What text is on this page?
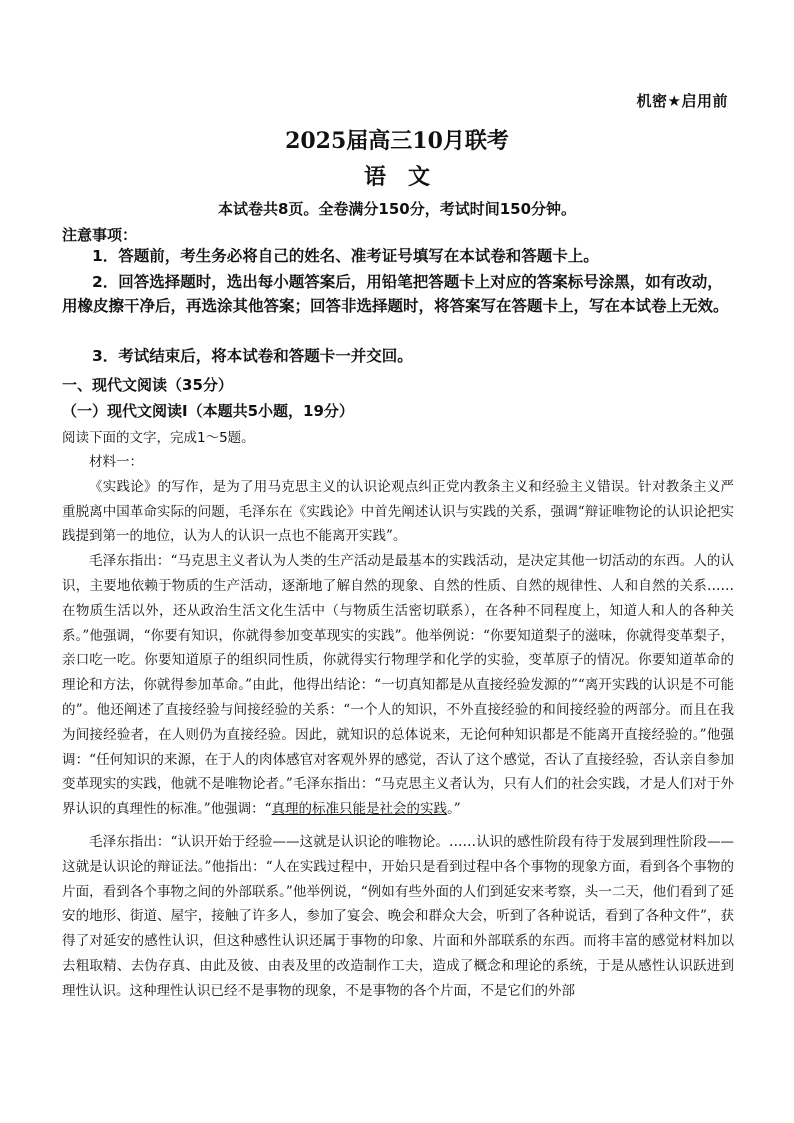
机密★启用前
2025届高三10月联考
语文
本试卷共8页。全卷满分150分，考试时间150分钟。
注意事项：
1．答题前，考生务必将自己的姓名、准考证号填写在本试卷和答题卡上。
2．回答选择题时，选出每小题答案后，用铅笔把答题卡上对应的答案标号涂黑，如有改动，用橡皮擦干净后，再选涂其他答案；回答非选择题时，将答案写在答题卡上，写在本试卷上无效。
3．考试结束后，将本试卷和答题卡一并交回。
一、现代文阅读（35分）
（一）现代文阅读Ⅰ（本题共5小题，19分）
阅读下面的文字，完成1～5题。

材料一：

《实践论》的写作，是为了用马克思主义的认识论观点纠正党内教条主义和经验主义错误。针对教条主义严重脱离中国革命实际的问题，毛泽东在《实践论》中首先阐述认识与实践的关系，强调“辩证唯物论的认识论把实践提到第一的地位，认为人的认识一点也不能离开实践”。

毛泽东指出：“马克思主义者认为人类的生产活动是最基本的实践活动，是决定其他一切活动的东西。人的认识，主要地依赖于物质的生产活动，逐渐地了解自然的现象、自然的性质、自然的规律性、人和自然的关系……在物质生活以外，还从政治生活文化生活中（与物质生活密切联系），在各种不同程度上，知道人和人的各种关系。”他强调，“你要有知识，你就得参加变革现实的实践”。他举例说：“你要知道梨子的滋味，你就得变革梨子，亲口吃一吃。你要知道原子的组织同性质，你就得实行物理学和化学的实验，变革原子的情况。你要知道革命的理论和方法，你就得参加革命。”由此，他得出结论：“一切真知都是从直接经验发源的”“离开实践的认识是不可能的”。他还阐述了直接经验与间接经验的关系：“一个人的知识，不外直接经验的和间接经验的两部分。而且在我为间接经验者，在人则仍为直接经验。因此，就知识的总体说来，无论何种知识都是不能离开直接经验的。”他强调：“任何知识的来源，在于人的肉体感官对客观外界的感觉，否认了这个感觉，否认了直接经验，否认亲自参加变革现实的实践，他就不是唯物论者。”毛泽东指出：“马克思主义者认为，只有人们的社会实践，才是人们对于外界认识的真理性的标准。”他强调：“真理的标准只能是社会的实践。”

毛泽东指出：“认识开始于经验——这就是认识论的唯物论。……认识的感性阶段有待于发展到理性阶段——这就是认识论的辩证法。”他指出：“人在实践过程中，开始只是看到过程中各个事物的现象方面，看到各个事物的片面，看到各个事物之间的外部联系。”他举例说，“例如有些外面的人们到延安来考察，头一二天，他们看到了延安的地形、街道、屋宇，接触了许多人，参加了宴会、晚会和群众大会，听到了各种说话，看到了各种文件”，获得了对延安的感性认识，但这种感性认识还属于事物的印象、片面和外部联系的东西。而将丰富的感觉材料加以去粗取精、去伪存真、由此及彼、由表及里的改造制作工夫，造成了概念和理论的系统，于是从感性认识跃进到理性认识。这种理性认识已经不是事物的现象，不是事物的各个片面，不是它们的外部
